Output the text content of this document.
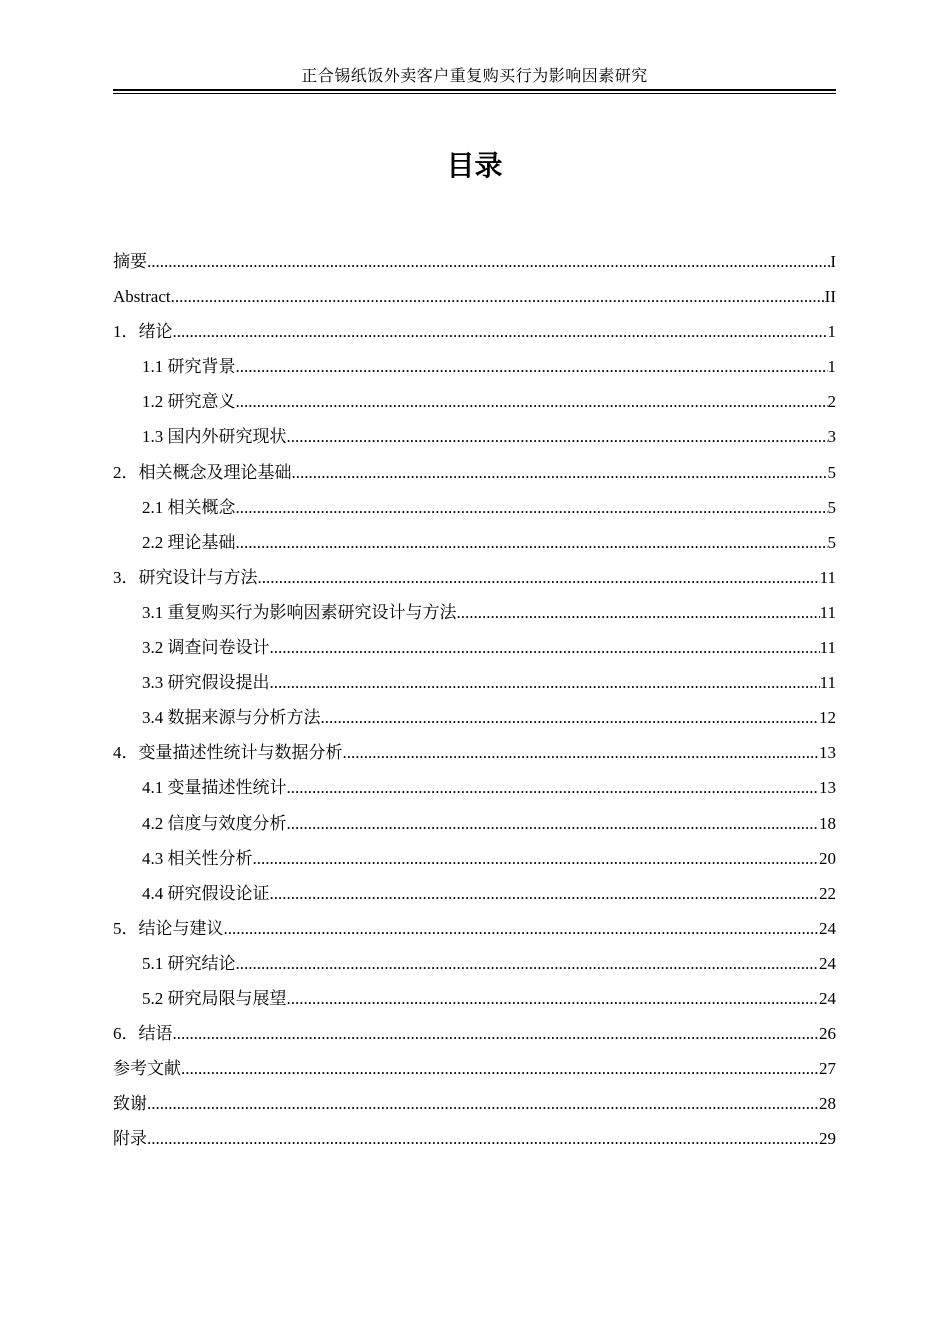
正合锡纸饭外卖客户重复购买行为影响因素研究
目录
摘要 .....	I
Abstract .....	II
1．绪论 .....	1
1.1 研究背景 .....	1
1.2 研究意义 .....	2
1.3 国内外研究现状 .....	3
2．相关概念及理论基础 .....	5
2.1 相关概念 .....	5
2.2 理论基础 .....	5
3．研究设计与方法 .....	11
3.1 重复购买行为影响因素研究设计与方法 .....	11
3.2 调查问卷设计 .....	11
3.3 研究假设提出 .....	11
3.4 数据来源与分析方法 .....	12
4．变量描述性统计与数据分析 .....	13
4.1 变量描述性统计 .....	13
4.2 信度与效度分析 .....	18
4.3 相关性分析 .....	20
4.4 研究假设论证 .....	22
5．结论与建议 .....	24
5.1 研究结论 .....	24
5.2 研究局限与展望 .....	24
6．结语 .....	26
参考文献 .....	27
致谢 .....	28
附录 .....	29
